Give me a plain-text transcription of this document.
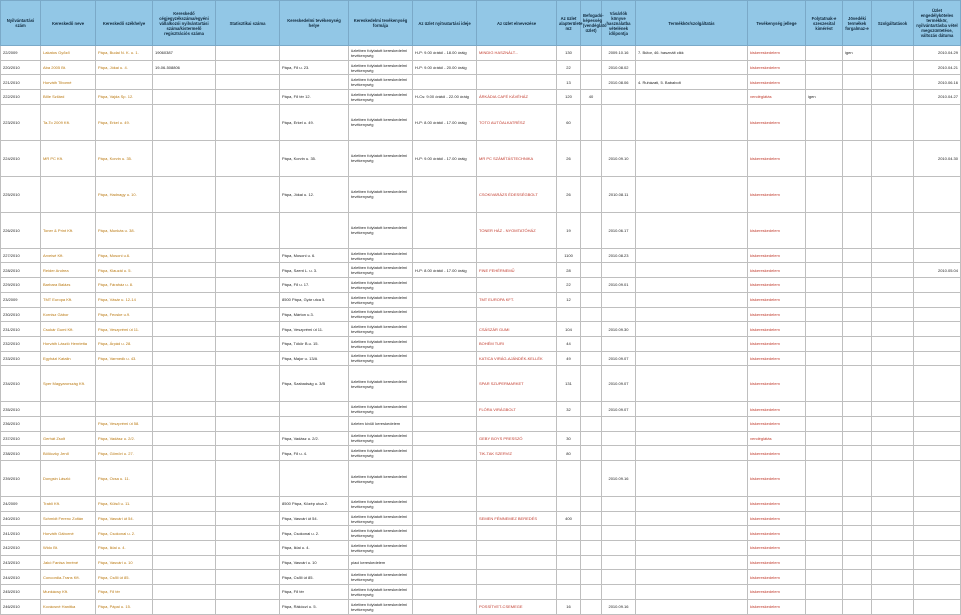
Nyilvántartási szám	Kereskedő neve	Kereskedő székhelye	Kereskedő cégjegyzékszáma/egyéni vállalkozói nyilvántartási száma/kistermelő regisztrációs száma	Statisztikai száma	Kereskedelmi tevékenység helye	Kereskedelmi tevékenység formája	Az üzlet nyitvatartási ideje	Az üzlet elnevezése	Az üzlet alapterülete m2	Befogadó-képesség (vendéglátó üzlet)	Vásárlók könyve használatba vételének időpontja	Termékkör/szolgáltatás	Tevékenység jellege	Folytatnak-e szeszesital kimérést	Jövedéki termékek forgalmaz-e	Szolgáltatások	Üzlet engedélyköteles termékkör, nyilvántartásba vétel megszüntetése, változás dátuma
22/2009	Lakatos Győző	Pápa, Budai N. K. u. 1.	19060387			üzletben folytatott kereskedelmi tevékenység	H-P: 9.00 órától - 18.00 óráig	MINDIG HASZNÁLT...	130		2009.10.16	7. Bútor, 46. használt cikk	kiskereskedelem		igen		2010.04.29
220/2010	Aba 2005 Bt.	Pápa, Jókai u. 4.	19-06-508806		Pápa, Fő u. 23.	üzletben folytatott kereskedelmi tevékenység	H-P: 9.00 órától - 20.00 óráig		22		2010.08.02		kiskereskedelem				2010.04.21
221/2010	Horváth Tiborné					üzletben folytatott kereskedelmi tevékenység			13		2010.08.06	4. Ruházati, 5. Bababolt	kiskereskedelem				2010.06.16
222/2010	Bőle Szilárd	Pápa, Vajda Sp. 12.			Pápa, Fő tér 12.	üzletben folytatott kereskedelmi tevékenység	H-Cs: 9.00 órától - 22.00 óráig	ÁRKÁDIA CAFÉ KÁVÉHÁZ	120	40			vendéglátás	igen			2010.04.27
223/2010	Ta-To 2009 Kft.	Pápa, Erkel u. 49.			Pápa, Erkel u. 49.	üzletben folytatott kereskedelmi tevékenység	H-P: 8.00 órától - 17.00 óráig	TOTO AUTÓALKATRÉSZ	60				kiskereskedelem				
224/2010	MR PC Kft.	Pápa, Korvin u. 35.			Pápa, Korvin u. 35.	üzletben folytatott kereskedelmi tevékenység	H-P: 9.00 órától - 17.00 óráig	MR PC SZÁMÍTÁSTECHNIKA	26		2010.09.10		kiskereskedelem				2010.04.30
225/2010		Pápa, Hadnagy u. 10.			Pápa, Jókai u. 12.	üzletben folytatott kereskedelmi tevékenység		CSOKIVARÁZS ÉDESSÉGBOLT	26		2010.08.11		kiskereskedelem				
226/2010	Toner & Print Kft.	Pápa, Munkás u. 38.				üzletben folytatott kereskedelmi tevékenység		TONER HÁZ - NYOMTATÓHÁZ	19		2010.06.17		kiskereskedelem				
227/2010	Arveisé Kft.	Pápa, Mosoni u.6.			Pápa, Mosoni u. 6.	üzletben folytatott kereskedelmi tevékenység			1100		2010.08.23		kiskereskedelem				
228/2010	Reider Andrea	Pápa, Klauzál u. 5.			Pápa, Szent L. u. 3.	üzletben folytatott kereskedelmi tevékenység	H-P: 8.00 órától - 17.00 óráig	FINE FEHÉRNEMŰ	28				kiskereskedelem				2010.05.04
229/2010	Barbara Balázs	Pápa, Fáraház u. 8.			Pápa, Fő u. 17.	üzletben folytatott kereskedelmi tevékenység			22		2010.09.01		kiskereskedelem				
23/2009	TMT Europa Kft.	Pápa, Vásár u. 12-14			8500 Pápa, Gyár utca 5.	üzletben folytatott kereskedelmi tevékenység		TMT EUROPA KFT.	12				kiskereskedelem				
230/2010	Kornisz Gábor	Pápa, Fecske u.9.			Pápa, Márton u.3.	üzletben folytatott kereskedelmi tevékenység							kiskereskedelem				
231/2010	Csukár Gumi Kft.	Pápa, Veszprémi út 11.			Pápa, Veszprémi út 11.	üzletben folytatott kereskedelmi tevékenység		CSÁSZÁR GUMI	104		2010.09.30		kiskereskedelem				
232/2010	Horváth László Henrietta	Pápa, Árpád u. 28.			Pápa, Tókör B.u. 15.	üzletben folytatott kereskedelmi tevékenység		BOHÉM TURI	44				kiskereskedelem				
233/2010	Egyházi Katalin	Pápa, Varmedk u. 43.			Pápa, Major u. 13/A	üzletben folytatott kereskedelmi tevékenység		KATICA VIRÁG-AJÁNDÉK-KELLÉK	49		2010.09.07		kiskereskedelem				
234/2010	Sper Magyarország Kft.				Pápa, Szabadság u. 3/B	üzletben folytatott kereskedelmi tevékenység		SPAR SZUPERMARKET	131		2010.09.07		kiskereskedelem				
235/2010						üzletben folytatott kereskedelmi tevékenység		FLÓRA VIRÁGBOLT	32		2010.09.07		kiskereskedelem				
236/2010		Pápa, Veszprémi út 58.				üzleten kívüli kereskedelem							kiskereskedelem				
237/2010	Gerhát Zsolt	Pápa, Vadász u. 2/2.			Pápa, Vadász u. 2/2.	üzletben folytatott kereskedelmi tevékenység		GEBY BOYS PRESSZÓ	30				vendéglátás				
238/2010	Bölöczky Jenő	Pápa, Gömöri u. 27.			Pápa, Fő u. 4.	üzletben folytatott kereskedelmi tevékenység		TIK-TAK SZERVIZ	80				kiskereskedelem				
239/2010	Dongsin László	Pápa, Ocsa u. 11.				üzletben folytatott kereskedelmi tevékenység					2010.09.16		kiskereskedelem				
24/2009	Trabli Kft.	Pápa, Külső u. 11.			8500 Pápa, Közép utca 2.	üzletben folytatott kereskedelmi tevékenység							kiskereskedelem				
240/2010	Schmidt Ferenc Zoltán	Pápa, Vasvári út 54.			Pápa, Vasvári út 54.	üzletben folytatott kereskedelmi tevékenység		SEMEN FÉMNEMEZ BEREDÉS	400				kiskereskedelem				
241/2010	Horváth Gáborné	Pápa, Csokonai u. 2.			Pápa, Csokonai u. 2.	üzletben folytatott kereskedelmi tevékenység							kiskereskedelem				
242/2010	Wido Bt.	Pápa, Iklai u. 4.			Pápa, Iklai u. 4.	üzletben folytatott kereskedelmi tevékenység							kiskereskedelem				
243/2010	Jakó Fanisa Imréné	Pápa, Vasvári u. 10			Pápa, Vasvári u. 10	piaci kereskedelem							kiskereskedelem				
244/2010	Concordia-Trans Kft.	Pápa, Csőli út 85.			Pápa, Csőli út 85.	üzletben folytatott kereskedelmi tevékenység							kiskereskedelem				
245/2010	Munkácsy Kft.	Pápa, Fő tér			Pápa, Fő tér	üzletben folytatott kereskedelmi tevékenység							kiskereskedelem				
246/2010	Kovácsné Hanitka	Pápa, Pápai u. 15.			Pápa, Rákóczi u. 5.	üzletben folytatott kereskedelmi tevékenység		POSSÍTVET-CSEMEGE	16		2010.09.16		kiskereskedelem				
